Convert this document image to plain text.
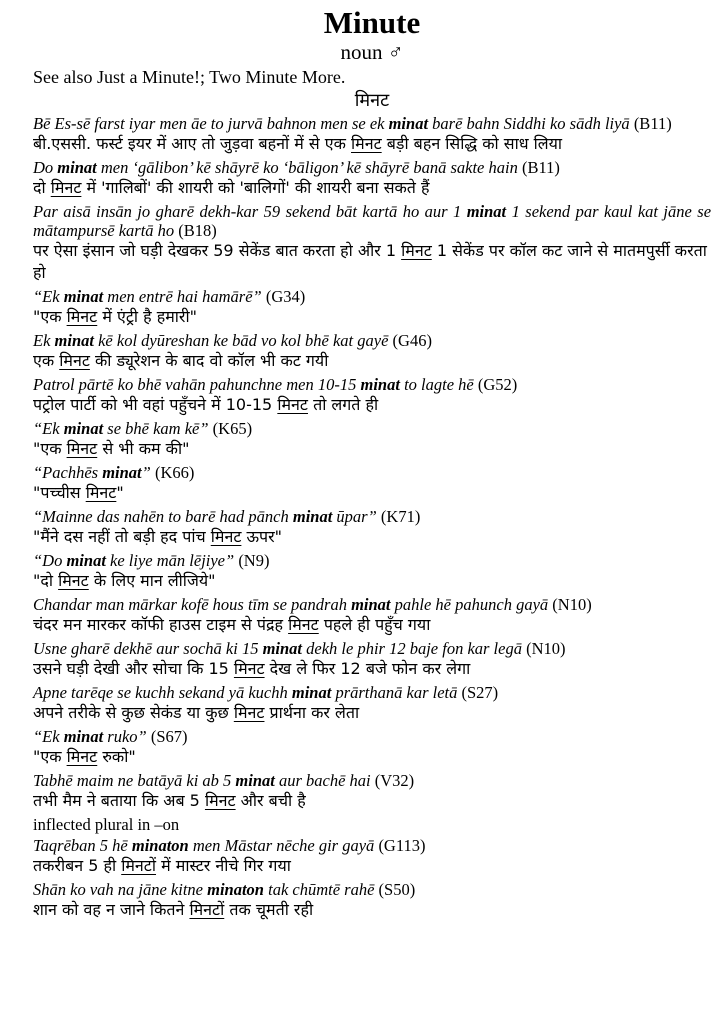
Minute
noun ♂
See also Just a Minute!; Two Minute More.
मिनट
Bē Es-sē farst iyar men āe to jurvā bahnon men se ek minat barē bahn Siddhi ko sādh liyā (B11)
बी.एससी. फर्स्ट इयर में आए तो जुड़वा बहनों में से एक मिनट बड़ी बहन सिद्धि को साध लिया
Do minat men ‘gālibon’ kē shāyrē ko ‘bāligon’ kē shāyrē banā sakte hain (B11)
दो मिनट में 'गालिबों' की शायरी को 'बालिगों' की शायरी बना सकते हैं
Par aisā insān jo gharē dekh-kar 59 sekend bāt kartā ho aur 1 minat 1 sekend par kaul kat jāne se mātampursē kartā ho (B18)
पर ऐसा इंसान जो घड़ी देखकर 59 सेकेंड बात करता हो और 1 मिनट 1 सेकेंड पर कॉल कट जाने से मातमपुर्सी करता हो
“Ek minat men entrē hai hamārē” (G34)
"एक मिनट में एंट्री है हमारी"
Ek minat kē kol dyūreshan ke bād vo kol bhē kat gayē (G46)
एक मिनट की ड्यूरेशन के बाद वो कॉल भी कट गयी
Patrol pārtē ko bhē vahān pahunchne men 10-15 minat to lagte hē (G52)
पट्रोल पार्टी को भी वहां पहुँचने में 10-15 मिनट तो लगते ही
“Ek minat se bhē kam kē” (K65)
"एक मिनट से भी कम की"
“Pachhēs minat” (K66)
"पच्चीस मिनट"
“Mainne das nahēn to barē had pānch minat ūpar” (K71)
"मैंने दस नहीं तो बड़ी हद पांच मिनट ऊपर"
“Do minat ke liye mān lējiye” (N9)
"दो मिनट के लिए मान लीजिये"
Chandar man mārkar kofē hous tīm se pandrah minat pahle hē pahunch gayā (N10)
चंदर मन मारकर कॉफी हाउस टाइम से पंद्रह मिनट पहले ही पहुँच गया
Usne gharē dekhē aur sochā ki 15 minat dekh le phir 12 baje fon kar legā (N10)
उसने घड़ी देखी और सोचा कि 15 मिनट देख ले फिर 12 बजे फोन कर लेगा
Apne tarēqe se kuchh sekand yā kuchh minat prārthanā kar letā (S27)
अपने तरीके से कुछ सेकंड या कुछ मिनट प्रार्थना कर लेता
“Ek minat ruko” (S67)
"एक मिनट रुको"
Tabhē maim ne batāyā ki ab 5 minat aur bachē hai (V32)
तभी मैम ने बताया कि अब 5 मिनट और बची है
inflected plural in –on
Taqrēban 5 hē minaton men Māstar nēche gir gayā (G113)
तकरीबन 5 ही मिनटों में मास्टर नीचे गिर गया
Shān ko vah na jāne kitne minaton tak chūmtē rahē (S50)
शान को वह न जाने कितने मिनटों तक चूमती रही
